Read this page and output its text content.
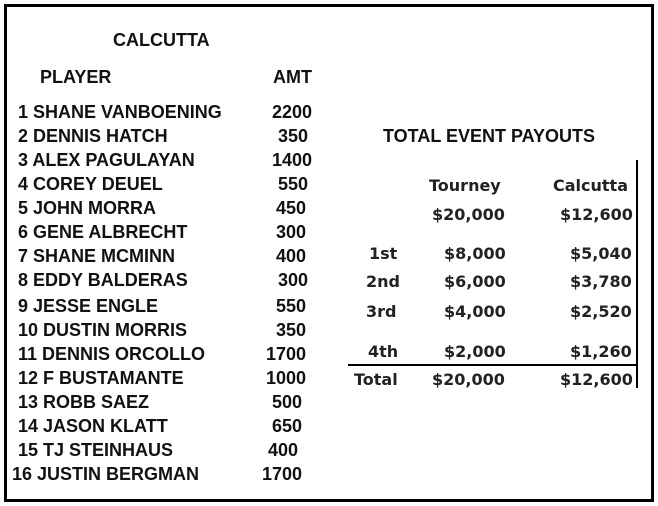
CALCUTTA
PLAYER	AMT
1 SHANE VANBOENING	2200
2 DENNIS HATCH	350
3 ALEX PAGULAYAN	1400
4 COREY DEUEL	550
5 JOHN MORRA	450
6 GENE ALBRECHT	300
7 SHANE MCMINN	400
8 EDDY BALDERAS	300
9 JESSE ENGLE	550
10 DUSTIN MORRIS	350
11 DENNIS ORCOLLO	1700
12 F BUSTAMANTE	1000
13 ROBB SAEZ	500
14 JASON KLATT	650
15 TJ STEINHAUS	400
16 JUSTIN BERGMAN	1700
TOTAL EVENT PAYOUTS
Tourney	Calcutta
$20,000	$12,600
1st	$8,000	$5,040
2nd	$6,000	$3,780
3rd	$4,000	$2,520
4th	$2,000	$1,260
Total $20,000	$12,600
